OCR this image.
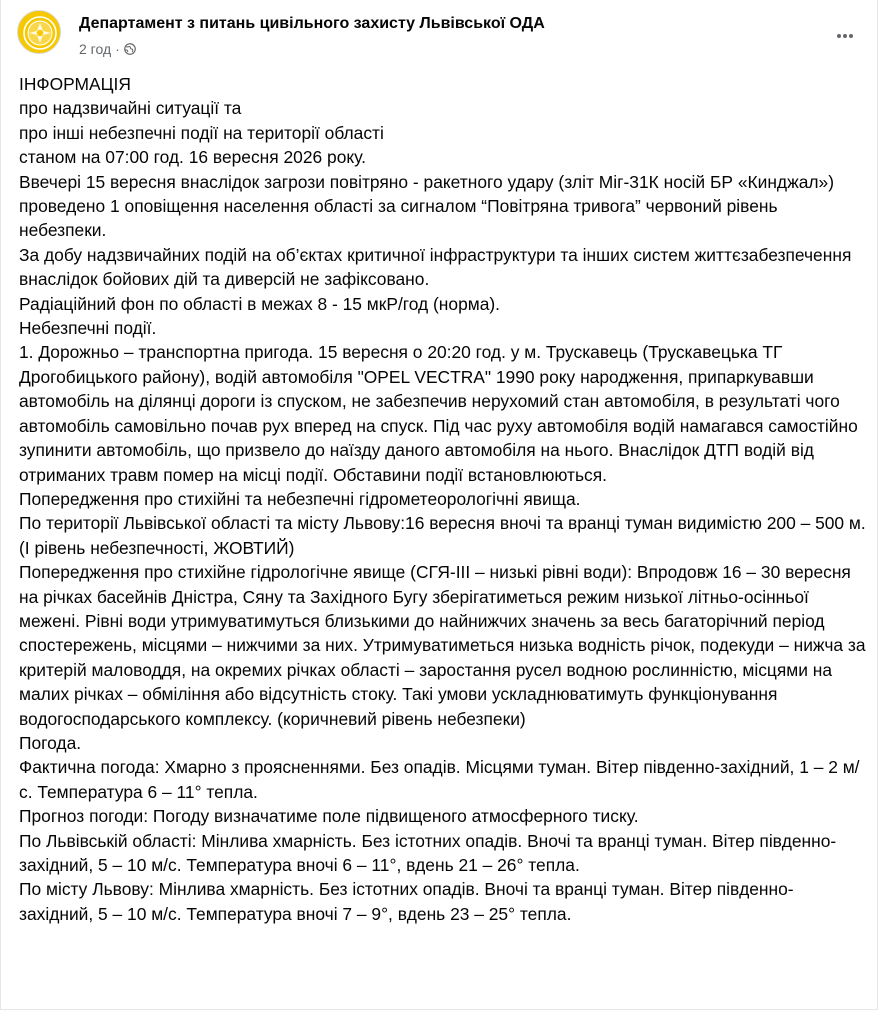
Департамент з питань цивільного захисту Львівської ОДА
2 год ·
ІНФОРМАЦІЯ
про надзвичайні ситуації та
про інші небезпечні події на території області
станом на 07:00 год. 16 вересня 2026 року.
Ввечері 15 вересня внаслідок загрози повітряно - ракетного удару (зліт Міг-31К носій БР «Кинджал») проведено 1 оповіщення населення області за сигналом “Повітряна тривога” червоний рівень небезпеки.
За добу надзвичайних подій на об’єктах критичної інфраструктури та інших систем життєзабезпечення внаслідок бойових дій та диверсій не зафіксовано.
Радіаційний фон по області в межах 8 - 15 мкР/год (норма).
Небезпечні події.
1. Дорожньо – транспортна пригода. 15 вересня о 20:20 год. у м. Трускавець (Трускавецька ТГ Дрогобицького району), водій автомобіля "OPEL VECTRA" 1990 року народження, припаркувавши автомобіль на ділянці дороги із спуском, не забезпечив нерухомий стан автомобіля, в результаті чого автомобіль самовільно почав рух вперед на спуск. Під час руху автомобіля водій намагався самостійно зупинити автомобіль, що призвело до наїзду даного автомобіля на нього. Внаслідок ДТП водій від отриманих травм помер на місці події. Обставини події встановлюються.
Попередження про стихійні та небезпечні гідрометеорологічні явища.
По території Львівської області та місту Львову:16 вересня вночі та вранці туман видимістю 200 – 500 м. (І рівень небезпечності, ЖОВТИЙ)
Попередження про стихійне гідрологічне явище (СГЯ-ІІІ – низькі рівні води): Впродовж 16 – 30 вересня на річках басейнів Дністра, Сяну та Західного Бугу зберігатиметься режим низької літньо-осінньої межені. Рівні води утримуватимуться близькими до найнижчих значень за весь багаторічний період спостережень, місцями – нижчими за них. Утримуватиметься низька водність річок, подекуди – нижча за критерій маловоддя, на окремих річках області – заростання русел водною рослинністю, місцями на малих річках – обміління або відсутність стоку. Такі умови ускладнюватимуть функціонування водогосподарського комплексу. (коричневий рівень небезпеки)
Погода.
Фактична погода: Хмарно з проясненнями. Без опадів. Місцями туман. Вітер південно-західний, 1 – 2 м/с. Температура 6 – 11° тепла.
Прогноз погоди: Погоду визначатиме поле підвищеного атмосферного тиску.
По Львівській області: Мінлива хмарність. Без істотних опадів. Вночі та вранці туман. Вітер південно-західний, 5 – 10 м/с. Температура вночі 6 – 11°, вдень 21 – 26° тепла.
По місту Львову: Мінлива хмарність. Без істотних опадів. Вночі та вранці туман. Вітер південно-західний, 5 – 10 м/с. Температура вночі 7 – 9°, вдень 23 – 25° тепла.
